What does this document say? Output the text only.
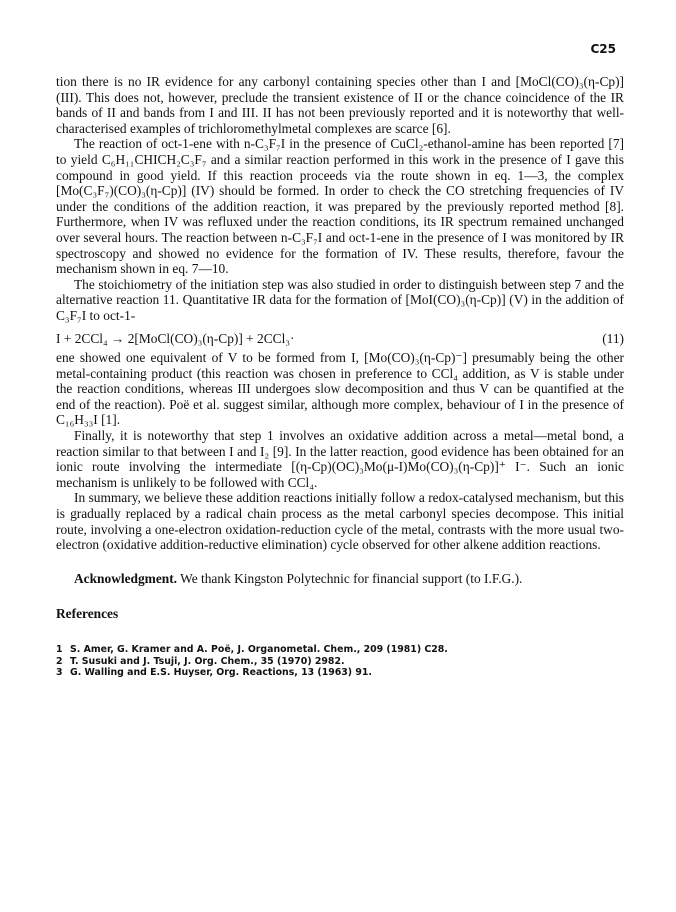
C25

tion there is no IR evidence for any carbonyl containing species other than I and [MoCl(CO)₃(η-Cp)] (III). This does not, however, preclude the transient existence of II or the chance coincidence of the IR bands of II and bands from I and III. II has not been previously reported and it is noteworthy that well-characterised examples of trichloromethylmetal complexes are scarce [6].

The reaction of oct-1-ene with n-C₃F₇I in the presence of CuCl₂-ethanol-amine has been reported [7] to yield C₆H₁₁CHICH₂C₃F₇ and a similar reaction performed in this work in the presence of I gave this compound in good yield. If this reaction proceeds via the route shown in eq. 1—3, the complex [Mo(C₃F₇)(CO)₃(η-Cp)] (IV) should be formed. In order to check the CO stretching frequencies of IV under the conditions of the addition reaction, it was prepared by the previously reported method [8]. Furthermore, when IV was refluxed under the reaction conditions, its IR spectrum remained unchanged over several hours. The reaction between n-C₃F₇I and oct-1-ene in the presence of I was monitored by IR spectroscopy and showed no evidence for the formation of IV. These results, therefore, favour the mechanism shown in eq. 7—10.

The stoichiometry of the initiation step was also studied in order to distinguish between step 7 and the alternative reaction 11. Quantitative IR data for the formation of [MoI(CO)₃(η-Cp)] (V) in the addition of C₃F₇I to oct-1-

I + 2CCl₄ → 2[MoCl(CO)₃(η-Cp)] + 2CCl₃·	(11)

ene showed one equivalent of V to be formed from I, [Mo(CO)₃(η-Cp)⁻] presumably being the other metal-containing product (this reaction was chosen in preference to CCl₄ addition, as V is stable under the reaction conditions, whereas III undergoes slow decomposition and thus V can be quantified at the end of the reaction). Poë et al. suggest similar, although more complex, behaviour of I in the presence of C₁₆H₃₃I [1].

Finally, it is noteworthy that step 1 involves an oxidative addition across a metal—metal bond, a reaction similar to that between I and I₂ [9]. In the latter reaction, good evidence has been obtained for an ionic route involving the intermediate [(η-Cp)(OC)₃Mo(μ-I)Mo(CO)₃(η-Cp)]⁺ I⁻. Such an ionic mechanism is unlikely to be followed with CCl₄.

In summary, we believe these addition reactions initially follow a redox-catalysed mechanism, but this is gradually replaced by a radical chain process as the metal carbonyl species decompose. This initial route, involving a one-electron oxidation-reduction cycle of the metal, contrasts with the more usual two-electron (oxidative addition-reductive elimination) cycle observed for other alkene addition reactions.

Acknowledgment. We thank Kingston Polytechnic for financial support (to I.F.G.).

References
1 S. Amer, G. Kramer and A. Poë, J. Organometal. Chem., 209 (1981) C28.
2 T. Susuki and J. Tsuji, J. Org. Chem., 35 (1970) 2982.
3 G. Walling and E.S. Huyser, Org. Reactions, 13 (1963) 91.
